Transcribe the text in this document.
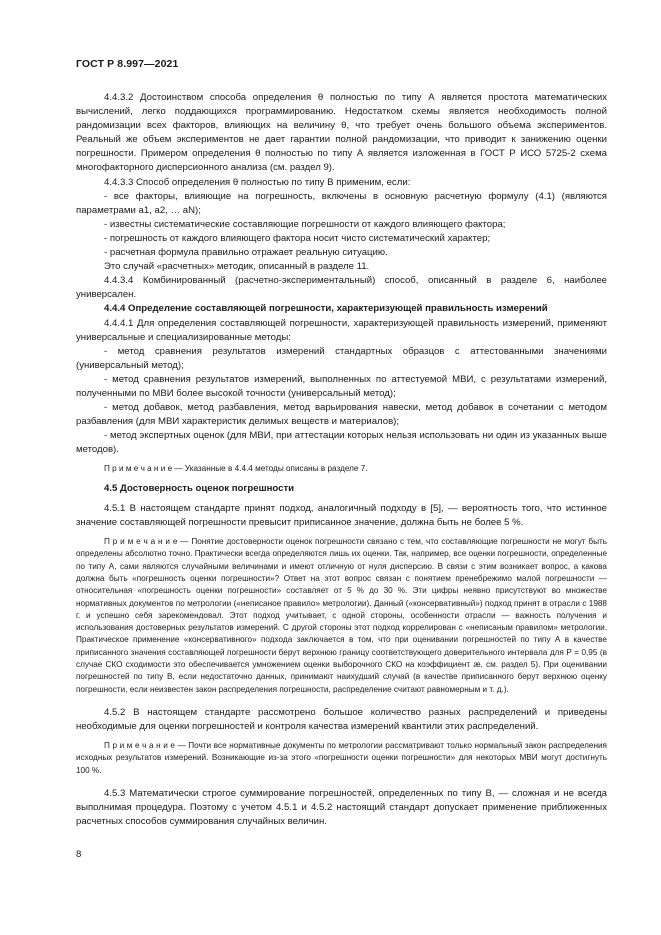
ГОСТ Р 8.997—2021

4.4.3.2 Достоинством способа определения θ полностью по типу А является простота математических вычислений, легко поддающихся программированию. Недостатком схемы является необходимость полной рандомизации всех факторов, влияющих на величину θ, что требует очень большого объема экспериментов. Реальный же объем экспериментов не дает гарантии полной рандомизации, что приводит к занижению оценки погрешности. Примером определения θ полностью по типу А является изложенная в ГОСТ Р ИСО 5725-2 схема многофакторного дисперсионного анализа (см. раздел 9).

4.4.3.3 Способ определения θ полностью по типу В применим, если:

- все факторы, влияющие на погрешность, включены в основную расчетную формулу (4.1) (являются параметрами a1, a2, … aN);

- известны систематические составляющие погрешности от каждого влияющего фактора;

- погрешность от каждого влияющего фактора носит чисто систематический характер;

- расчетная формула правильно отражает реальную ситуацию.

Это случай «расчетных» методик, описанный в разделе 11.

4.4.3.4 Комбинированный (расчетно-экспериментальный) способ, описанный в разделе 6, наиболее универсален.

4.4.4 Определение составляющей погрешности, характеризующей правильность измерений

4.4.4.1 Для определения составляющей погрешности, характеризующей правильность измерений, применяют универсальные и специализированные методы:

- метод сравнения результатов измерений стандартных образцов с аттестованными значениями (универсальный метод);

- метод сравнения результатов измерений, выполненных по аттестуемой МВИ, с результатами измерений, полученными по МВИ более высокой точности (универсальный метод);

- метод добавок, метод разбавления, метод варьирования навески, метод добавок в сочетании с методом разбавления (для МВИ характеристик делимых веществ и материалов);

- метод экспертных оценок (для МВИ, при аттестации которых нельзя использовать ни один из указанных выше методов).

П р и м е ч а н и е — Указанные в 4.4.4 методы описаны в разделе 7.

4.5 Достоверность оценок погрешности

4.5.1 В настоящем стандарте принят подход, аналогичный подходу в [5], — вероятность того, что истинное значение составляющей погрешности превысит приписанное значение, должна быть не более 5 %.

П р и м е ч а н и е — Понятие достоверности оценок погрешности связано с тем, что составляющие погрешности не могут быть определены абсолютно точно. Практически всегда определяются лишь их оценки. Так, например, все оценки погрешности, определенные по типу А, сами являются случайными величинами и имеют отличную от нуля дисперсию. В связи с этим возникает вопрос, а какова должна быть «погрешность оценки погрешности»? Ответ на этот вопрос связан с понятием пренебрежимо малой погрешности — относительная «погрешность оценки погрешности» составляет от 5 % до 30 %. Эти цифры неявно присутствуют во множестве нормативных документов по метрологии («неписаное правило» метрологии). Данный («консервативный») подход принят в отрасли с 1988 г. и успешно себя зарекомендовал. Этот подход учитывает, с одной стороны, особенности отрасли — важность получения и использования достоверных результатов измерений. С другой стороны этот подход коррелирован с «неписаным правилом» метрологии. Практическое применение «консервативного» подхода заключается в том, что при оценивании погрешностей по типу А в качестве приписанного значения составляющей погрешности берут верхнюю границу соответствующего доверительного интервала для P = 0,95 (в случае СКО сходимости это обеспечивается умножением оценки выборочного СКО на коэффициент æ, см. раздел 5). При оценивании погрешностей по типу В, если недостаточно данных, принимают наихудший случай (в качестве приписанного берут верхнюю оценку погрешности, если неизвестен закон распределения погрешности, распределение считают равномерным и т. д.).

4.5.2 В настоящем стандарте рассмотрено большое количество разных распределений и приведены необходимые для оценки погрешностей и контроля качества измерений квантили этих распределений.

П р и м е ч а н и е — Почти все нормативные документы по метрологии рассматривают только нормальный закон распределения исходных результатов измерений. Возникающие из-за этого «погрешности оценки погрешности» для некоторых МВИ могут достигнуть 100 %.

4.5.3 Математически строгое суммирование погрешностей, определенных по типу В, — сложная и не всегда выполнимая процедура. Поэтому с учетом 4.5.1 и 4.5.2 настоящий стандарт допускает применение приближенных расчетных способов суммирования случайных величин.

8
